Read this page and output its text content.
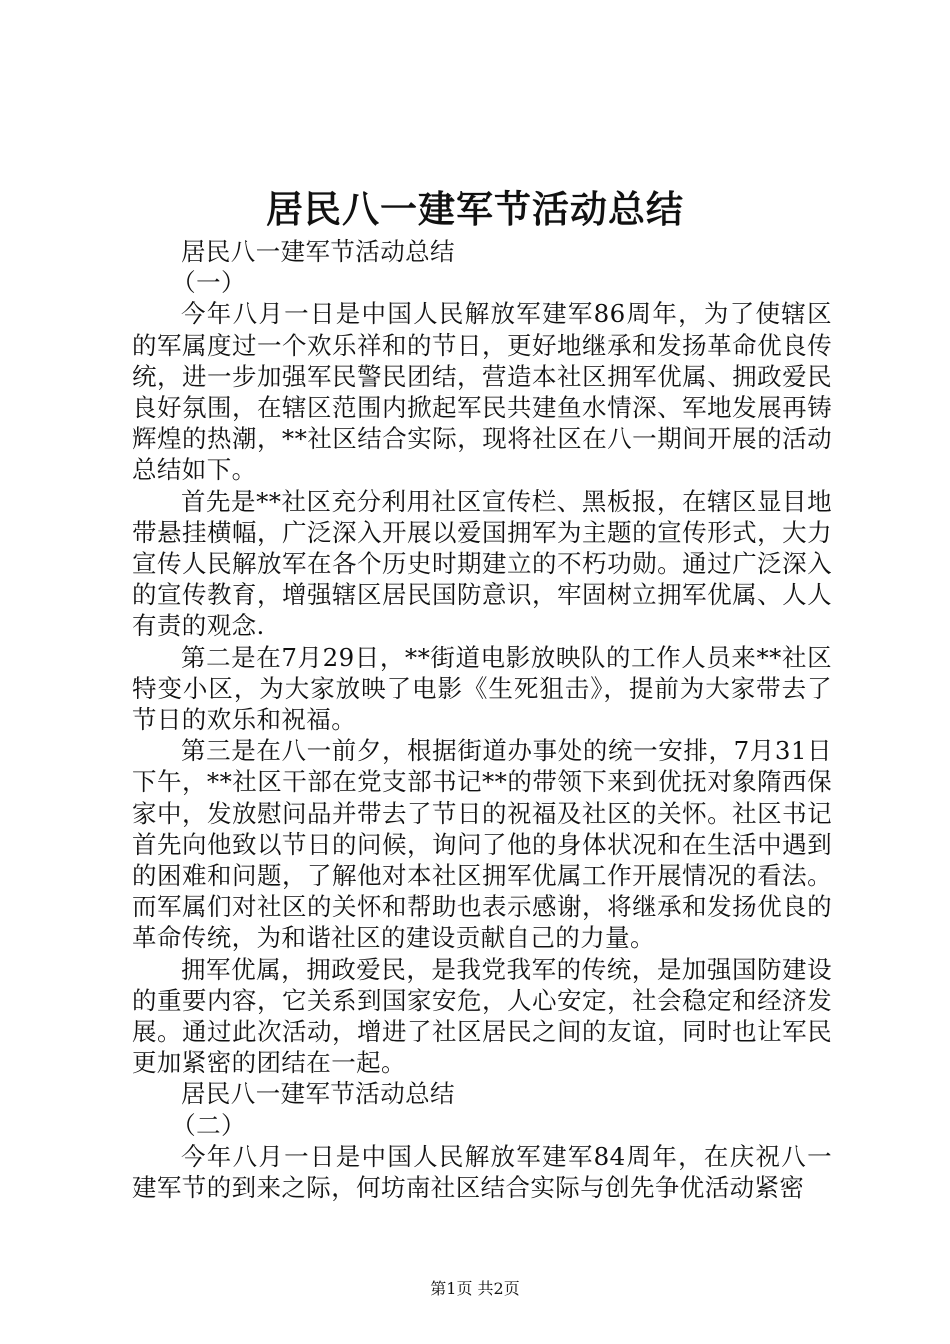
居民八一建军节活动总结

居民八一建军节活动总结

（一）

今年八月一日是中国人民解放军建军86周年，为了使辖区的军属度过一个欢乐祥和的节日，更好地继承和发扬革命优良传统，进一步加强军民警民团结，营造本社区拥军优属、拥政爱民良好氛围，在辖区范围内掀起军民共建鱼水情深、军地发展再铸辉煌的热潮，**社区结合实际，现将社区在八一期间开展的活动总结如下。

首先是**社区充分利用社区宣传栏、黑板报，在辖区显目地带悬挂横幅，广泛深入开展以爱国拥军为主题的宣传形式，大力宣传人民解放军在各个历史时期建立的不朽功勋。通过广泛深入的宣传教育，增强辖区居民国防意识，牢固树立拥军优属、人人有责的观念.

第二是在7月29日，**街道电影放映队的工作人员来**社区特变小区，为大家放映了电影《生死狙击》，提前为大家带去了节日的欢乐和祝福。

第三是在八一前夕，根据街道办事处的统一安排，7月31日下午，**社区干部在党支部书记**的带领下来到优抚对象隋西保家中，发放慰问品并带去了节日的祝福及社区的关怀。社区书记首先向他致以节日的问候，询问了他的身体状况和在生活中遇到的困难和问题，了解他对本社区拥军优属工作开展情况的看法。而军属们对社区的关怀和帮助也表示感谢，将继承和发扬优良的革命传统，为和谐社区的建设贡献自己的力量。

拥军优属，拥政爱民，是我党我军的传统，是加强国防建设的重要内容，它关系到国家安危，人心安定，社会稳定和经济发展。通过此次活动，增进了社区居民之间的友谊，同时也让军民更加紧密的团结在一起。

居民八一建军节活动总结

（二）

今年八月一日是中国人民解放军建军84周年，在庆祝八一建军节的到来之际，何坊南社区结合实际与创先争优活动紧密

第1页 共2页
